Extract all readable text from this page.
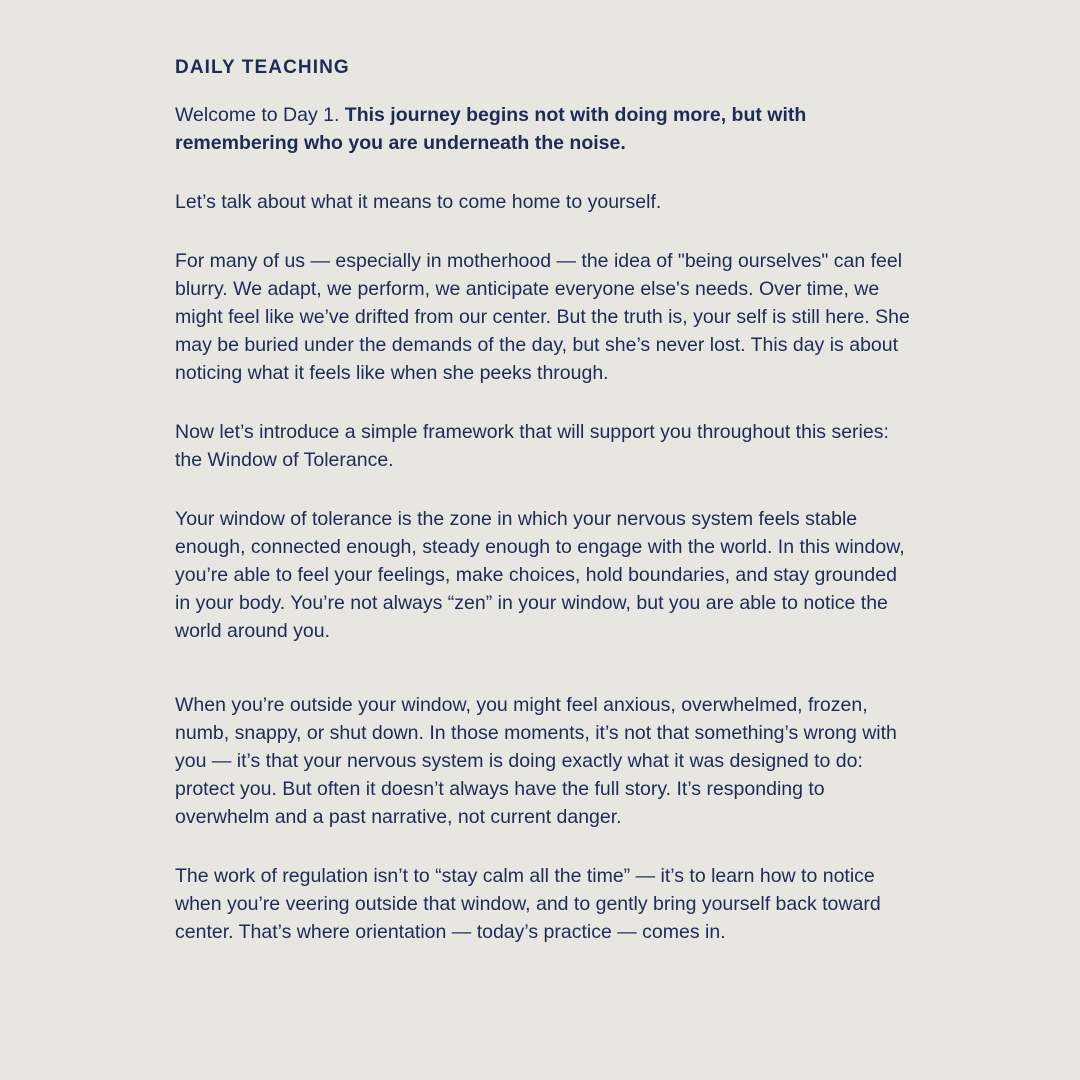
DAILY TEACHING

Welcome to Day 1. This journey begins not with doing more, but with remembering who you are underneath the noise.

Let’s talk about what it means to come home to yourself.

For many of us — especially in motherhood — the idea of "being ourselves" can feel blurry. We adapt, we perform, we anticipate everyone else's needs. Over time, we might feel like we’ve drifted from our center. But the truth is, your self is still here. She may be buried under the demands of the day, but she’s never lost. This day is about noticing what it feels like when she peeks through.

Now let’s introduce a simple framework that will support you throughout this series: the Window of Tolerance.

Your window of tolerance is the zone in which your nervous system feels stable enough, connected enough, steady enough to engage with the world. In this window, you’re able to feel your feelings, make choices, hold boundaries, and stay grounded in your body. You’re not always “zen” in your window, but you are able to notice the world around you.

When you’re outside your window, you might feel anxious, overwhelmed, frozen, numb, snappy, or shut down. In those moments, it’s not that something’s wrong with you — it’s that your nervous system is doing exactly what it was designed to do: protect you. But often it doesn’t always have the full story. It’s responding to overwhelm and a past narrative, not current danger.

The work of regulation isn’t to “stay calm all the time” — it’s to learn how to notice when you’re veering outside that window, and to gently bring yourself back toward center. That’s where orientation — today’s practice — comes in.
